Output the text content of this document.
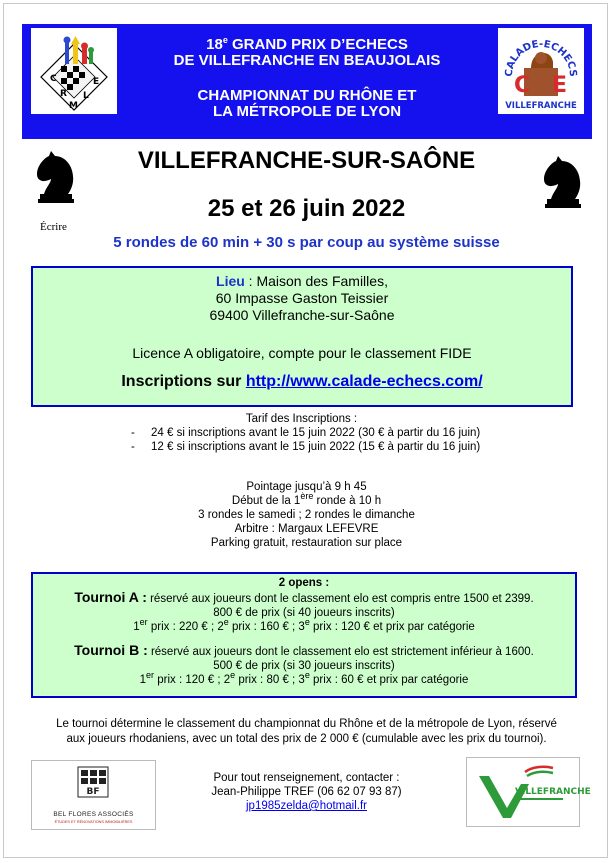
C
R
M
L
E
18e GRAND PRIX D’ECHECS
DE VILLEFRANCHE EN BEAUJOLAIS
CHAMPIONNAT DU RHÔNE ET
LA MÉTROPOLE DE LYON
CALADE-ECHECS
C E
VILLEFRANCHE
Écrire
VILLEFRANCHE-SUR-SAÔNE
25 et 26 juin 2022
5 rondes de 60 min + 30 s par coup au système suisse
Lieu : Maison des Familles,
60 Impasse Gaston Teissier
69400 Villefranche-sur-Saône
Licence A obligatoire, compte pour le classement FIDE
Inscriptions sur http://www.calade-echecs.com/
Tarif des Inscriptions :
- 24 € si inscriptions avant le 15 juin 2022 (30 € à partir du 16 juin)
- 12 € si inscriptions avant le 15 juin 2022 (15 € à partir du 16 juin)
Pointage jusqu’à 9 h 45
Début de la 1ère ronde à 10 h
3 rondes le samedi ; 2 rondes le dimanche
Arbitre : Margaux LEFEVRE
Parking gratuit, restauration sur place
2 opens :
Tournoi A : réservé aux joueurs dont le classement elo est compris entre 1500 et 2399.
800 € de prix (si 40 joueurs inscrits)
1er prix : 220 € ; 2e prix : 160 € ; 3e prix : 120 € et prix par catégorie
Tournoi B : réservé aux joueurs dont le classement elo est strictement inférieur à 1600.
500 € de prix (si 30 joueurs inscrits)
1er prix : 120 € ; 2e prix : 80 € ; 3e prix : 60 € et prix par catégorie
Le tournoi détermine le classement du championnat du Rhône et de la métropole de Lyon, réservé
aux joueurs rhodaniens, avec un total des prix de 2 000 € (cumulable avec les prix du tournoi).
BF
BEL FLORES ASSOCIÉS
ÉTUDES ET RÉNOVATIONS IMMOBILIÈRES
Pour tout renseignement, contacter :
Jean-Philippe TREF (06 62 07 93 87)
jp1985zelda@hotmail.fr
VILLEFRANCHE
